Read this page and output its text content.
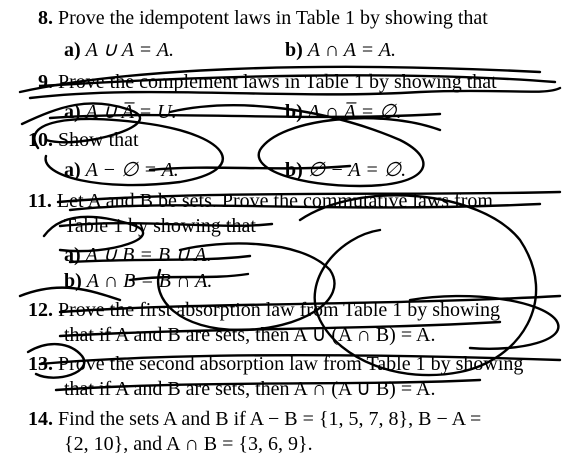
8. Prove the idempotent laws in Table 1 by showing that
a) A ∪ A = A.	b) A ∩ A = A.
9. Prove the complement laws in Table 1 by showing that
a) A ∪ A̅ = U.	b) A ∩ A̅ = ∅.
10. Show that
a) A − ∅ = A.	b) ∅ − A = ∅.
11. Let A and B be sets. Prove the commutative laws from
Table 1 by showing that
a) A ∪ B = B ∪ A.
b) A ∩ B = B ∩ A.
12. Prove the first absorption law from Table 1 by showing
that if A and B are sets, then A ∪ (A ∩ B) = A.
13. Prove the second absorption law from Table 1 by showing
that if A and B are sets, then A ∩ (A ∪ B) = A.
14. Find the sets A and B if A − B = {1, 5, 7, 8}, B − A =
{2, 10}, and A ∩ B = {3, 6, 9}.
